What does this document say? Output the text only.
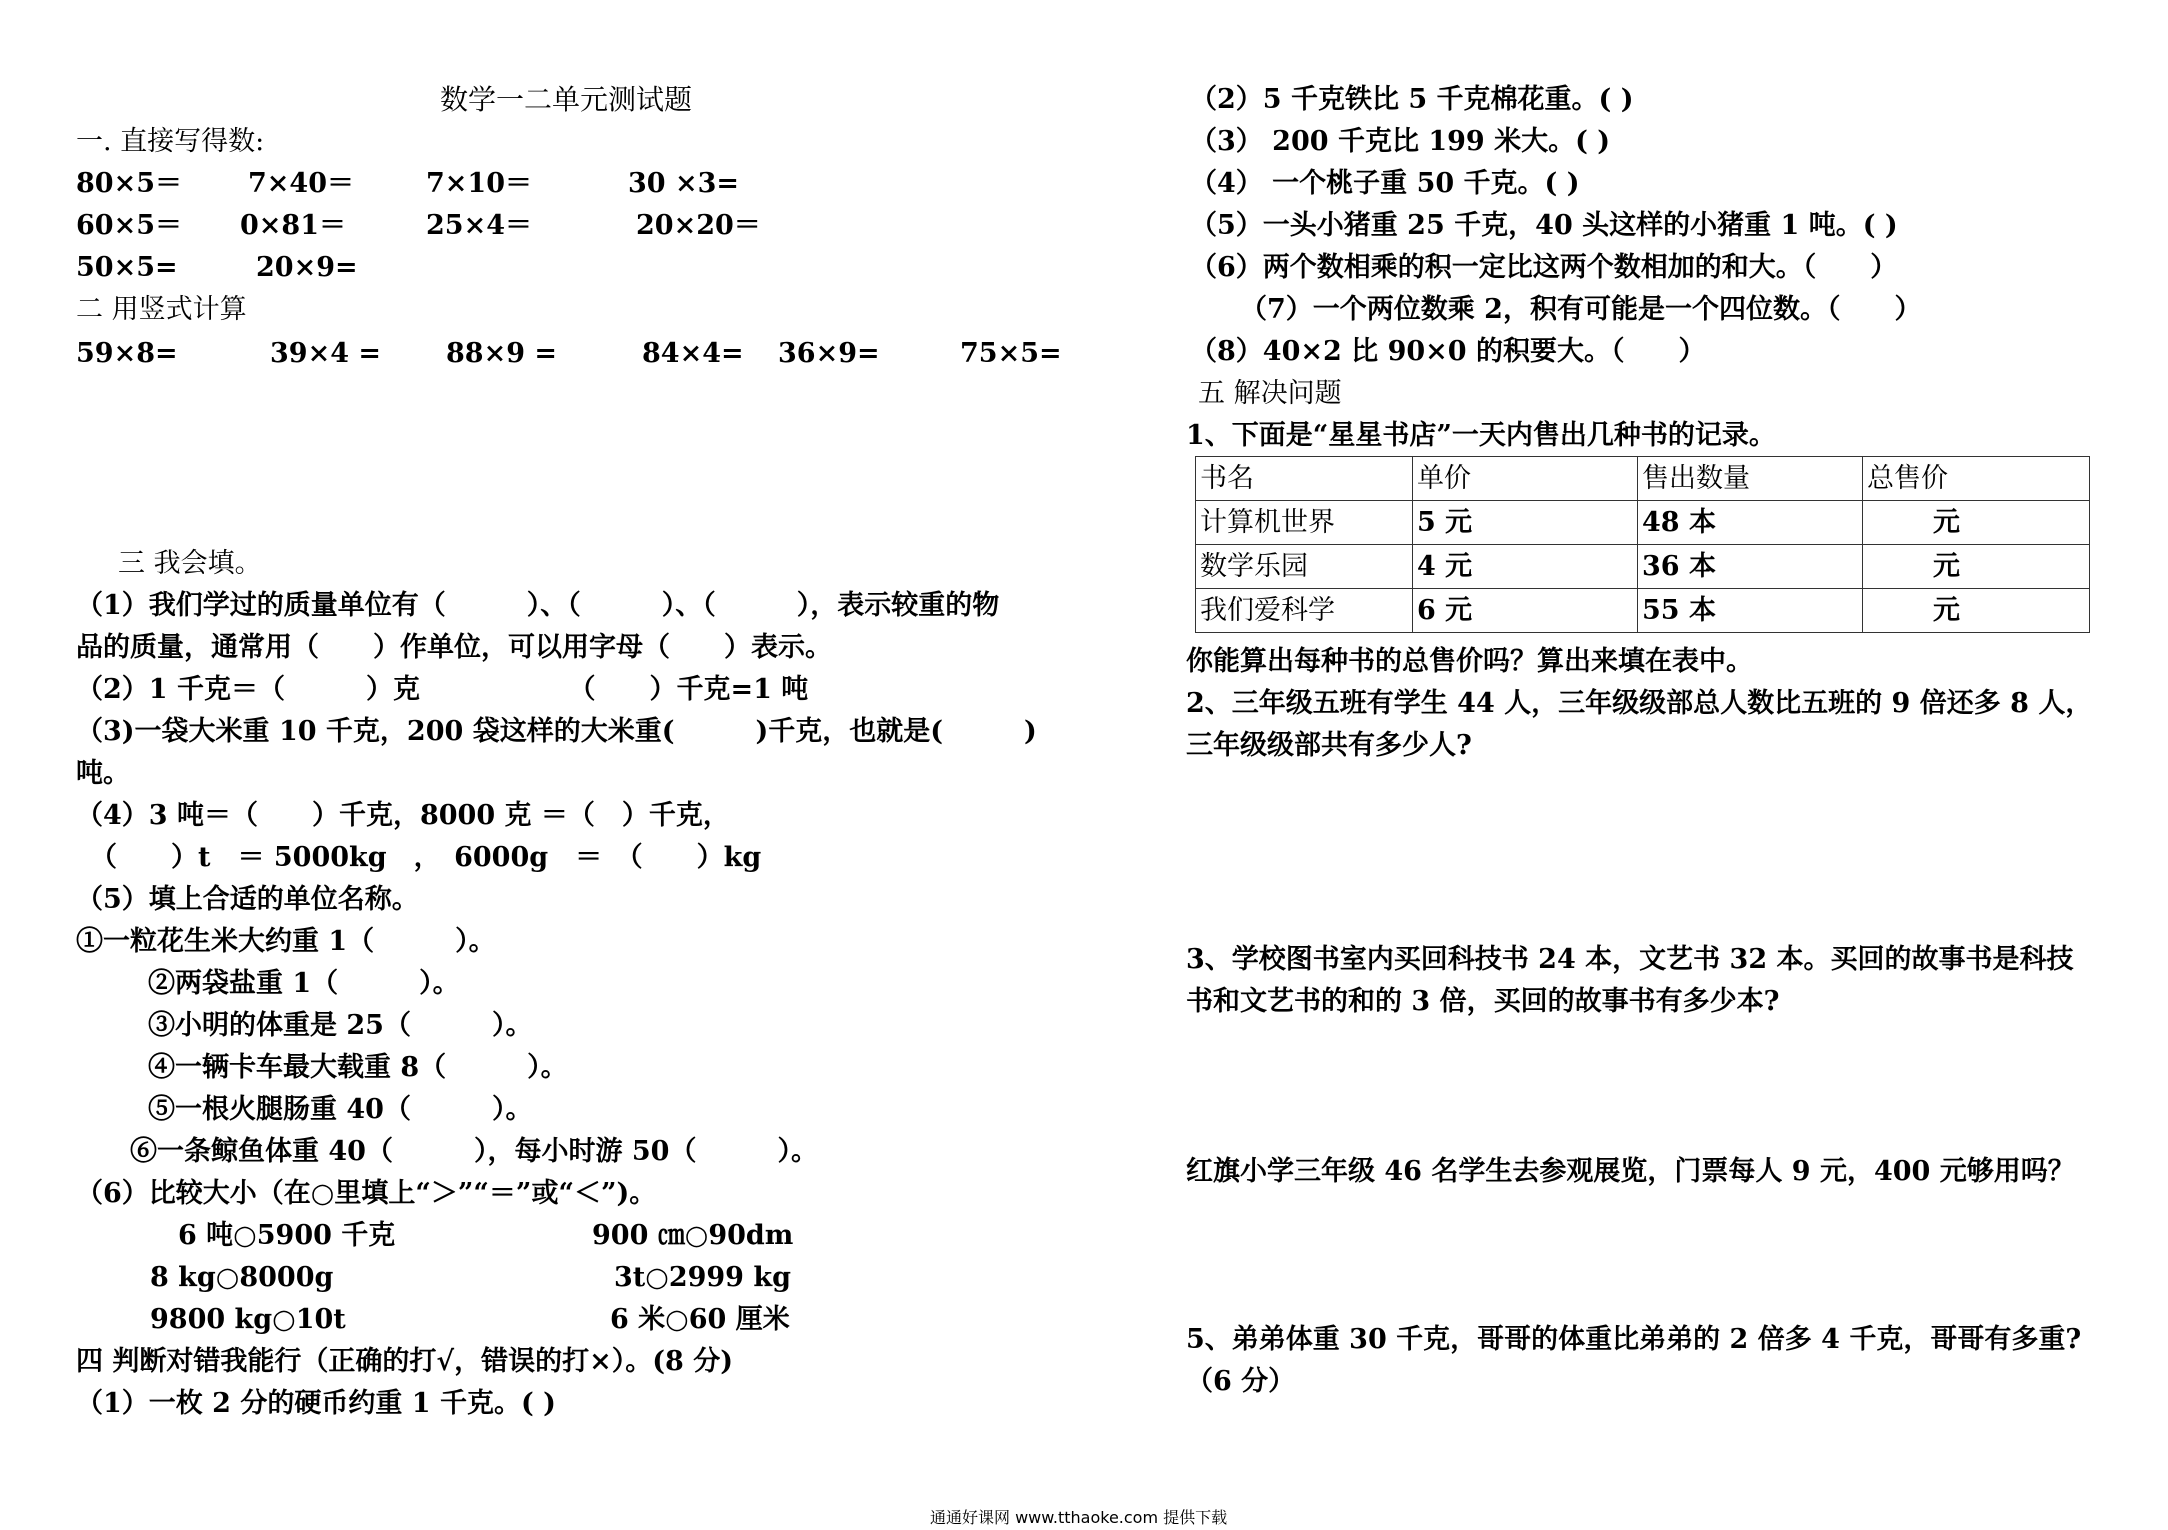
数学一二单元测试题
一. 直接写得数:
80×5＝ 7×40＝	7×10＝	30 ×3=
60×5＝ 0×81＝	25×4＝	20×20＝
50×5=	20×9=
二 用竖式计算
59×8=	39×4 = 88×9 =	84×4= 36×9=	75×5=
三 我会填。
（1）我们学过的质量单位有（　　　）、（　　　）、（　　　），表示较重的物
品的质量，通常用（　　）作单位，可以用字母（　　）表示。
（2）1 千克＝（　　　）克　　　　　　（　　）千克=1 吨
（3)一袋大米重 10 千克，200 袋这样的大米重(　　　)千克，也就是(　　　)
吨。
（4）3 吨＝（　　）千克，8000 克 ＝（　）千克，
（　　）t　＝ 5000kg　，　6000g　＝　（　　）kg
（5）填上合适的单位名称。
①一粒花生米大约重 1（　　　）。
②两袋盐重 1（　　　）。
③小明的体重是 25（　　　）。
④一辆卡车最大载重 8（　　　）。
⑤一根火腿肠重 40（　　　）。
⑥一条鲸鱼体重 40（　　　），每小时游 50（　　　）。
（6）比较大小（在○里填上“＞”“＝”或“＜”)。
6 吨○5900 千克	900 ㎝○90dm
8 kg○8000g	3t○2999 kg
9800 kg○10t	6 米○60 厘米
四 判断对错我能行（正确的打√，错误的打×）。(8 分)
（1）一枚 2 分的硬币约重 1 千克。( )
（2）5 千克铁比 5 千克棉花重。( )
（3） 200 千克比 199 米大。( )
（4） 一个桃子重 50 千克。( )
（5）一头小猪重 25 千克，40 头这样的小猪重 1 吨。( )
（6）两个数相乘的积一定比这两个数相加的和大。（　　）
（7）一个两位数乘 2，积有可能是一个四位数。（　　）
（8）40×2 比 90×0 的积要大。（　　）
五 解决问题
1、下面是“星星书店”一天内售出几种书的记录。
书名	单价	售出数量	总售价
计算机世界	5 元	48 本	元
数学乐园	4 元	36 本	元
我们爱科学	6 元	55 本	元
你能算出每种书的总售价吗？算出来填在表中。
2、三年级五班有学生 44 人，三年级级部总人数比五班的 9 倍还多 8 人，
三年级级部共有多少人?
3、学校图书室内买回科技书 24 本，文艺书 32 本。买回的故事书是科技
书和文艺书的和的 3 倍，买回的故事书有多少本?
红旗小学三年级 46 名学生去参观展览，门票每人 9 元，400 元够用吗？
5、弟弟体重 30 千克，哥哥的体重比弟弟的 2 倍多 4 千克，哥哥有多重?
（6 分）
通通好课网 www.tthaoke.com 提供下载
